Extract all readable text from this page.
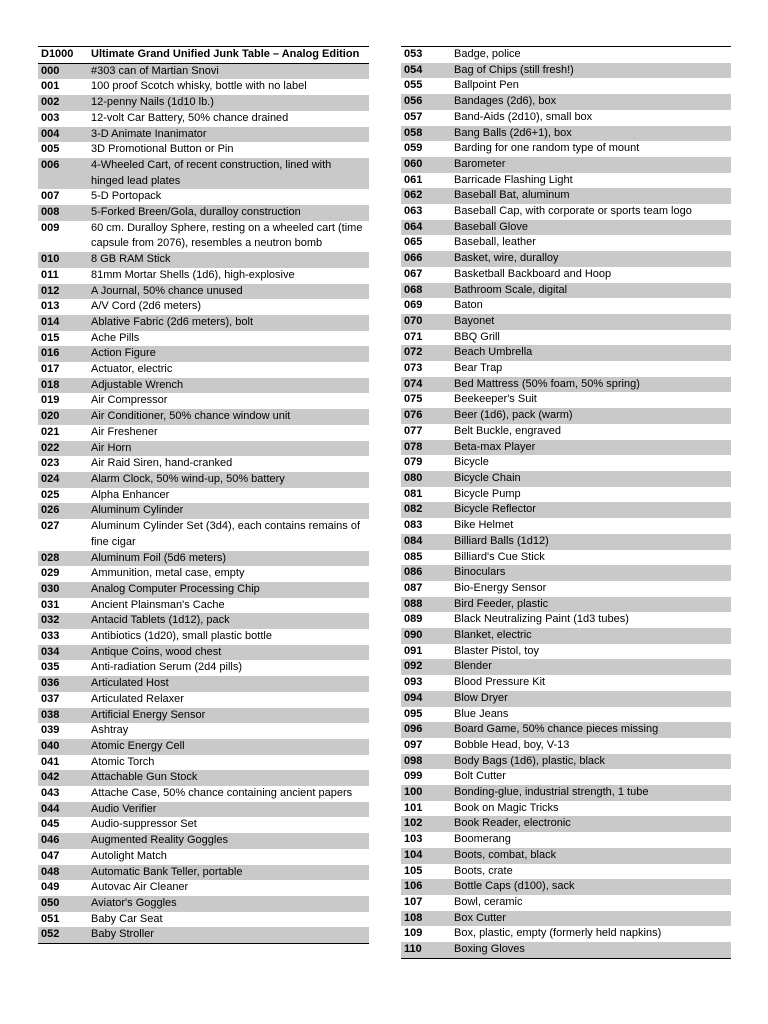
D1000	Ultimate Grand Unified Junk Table – Analog Edition
000	#303 can of Martian Snovi
001	100 proof Scotch whisky, bottle with no label
002	12-penny Nails (1d10 lb.)
003	12-volt Car Battery, 50% chance drained
004	3-D Animate Inanimator
005	3D Promotional Button or Pin
006	4-Wheeled Cart, of recent construction, lined with hinged lead plates
007	5-D Portopack
008	5-Forked Breen/Gola, duralloy construction
009	60 cm. Duralloy Sphere, resting on a wheeled cart (time capsule from 2076), resembles a neutron bomb
010	8 GB RAM Stick
011	81mm Mortar Shells (1d6), high-explosive
012	A Journal, 50% chance unused
013	A/V Cord (2d6 meters)
014	Ablative Fabric (2d6 meters), bolt
015	Ache Pills
016	Action Figure
017	Actuator, electric
018	Adjustable Wrench
019	Air Compressor
020	Air Conditioner, 50% chance window unit
021	Air Freshener
022	Air Horn
023	Air Raid Siren, hand-cranked
024	Alarm Clock, 50% wind-up, 50% battery
025	Alpha Enhancer
026	Aluminum Cylinder
027	Aluminum Cylinder Set (3d4), each contains remains of fine cigar
028	Aluminum Foil (5d6 meters)
029	Ammunition, metal case, empty
030	Analog Computer Processing Chip
031	Ancient Plainsman's Cache
032	Antacid Tablets (1d12), pack
033	Antibiotics (1d20), small plastic bottle
034	Antique Coins, wood chest
035	Anti-radiation Serum (2d4 pills)
036	Articulated Host
037	Articulated Relaxer
038	Artificial Energy Sensor
039	Ashtray
040	Atomic Energy Cell
041	Atomic Torch
042	Attachable Gun Stock
043	Attache Case, 50% chance containing ancient papers
044	Audio Verifier
045	Audio-suppressor Set
046	Augmented Reality Goggles
047	Autolight Match
048	Automatic Bank Teller, portable
049	Autovac Air Cleaner
050	Aviator's Goggles
051	Baby Car Seat
052	Baby Stroller
053	Badge, police
054	Bag of Chips (still fresh!)
055	Ballpoint Pen
056	Bandages (2d6), box
057	Band-Aids (2d10), small box
058	Bang Balls (2d6+1), box
059	Barding for one random type of mount
060	Barometer
061	Barricade Flashing Light
062	Baseball Bat, aluminum
063	Baseball Cap, with corporate or sports team logo
064	Baseball Glove
065	Baseball, leather
066	Basket, wire, duralloy
067	Basketball Backboard and Hoop
068	Bathroom Scale, digital
069	Baton
070	Bayonet
071	BBQ Grill
072	Beach Umbrella
073	Bear Trap
074	Bed Mattress (50% foam, 50% spring)
075	Beekeeper's Suit
076	Beer (1d6), pack (warm)
077	Belt Buckle, engraved
078	Beta-max Player
079	Bicycle
080	Bicycle Chain
081	Bicycle Pump
082	Bicycle Reflector
083	Bike Helmet
084	Billiard Balls (1d12)
085	Billiard's Cue Stick
086	Binoculars
087	Bio-Energy Sensor
088	Bird Feeder, plastic
089	Black Neutralizing Paint (1d3 tubes)
090	Blanket, electric
091	Blaster Pistol, toy
092	Blender
093	Blood Pressure Kit
094	Blow Dryer
095	Blue Jeans
096	Board Game, 50% chance pieces missing
097	Bobble Head, boy, V-13
098	Body Bags (1d6), plastic, black
099	Bolt Cutter
100	Bonding-glue, industrial strength, 1 tube
101	Book on Magic Tricks
102	Book Reader, electronic
103	Boomerang
104	Boots, combat, black
105	Boots, crate
106	Bottle Caps (d100), sack
107	Bowl, ceramic
108	Box Cutter
109	Box, plastic, empty (formerly held napkins)
110	Boxing Gloves
